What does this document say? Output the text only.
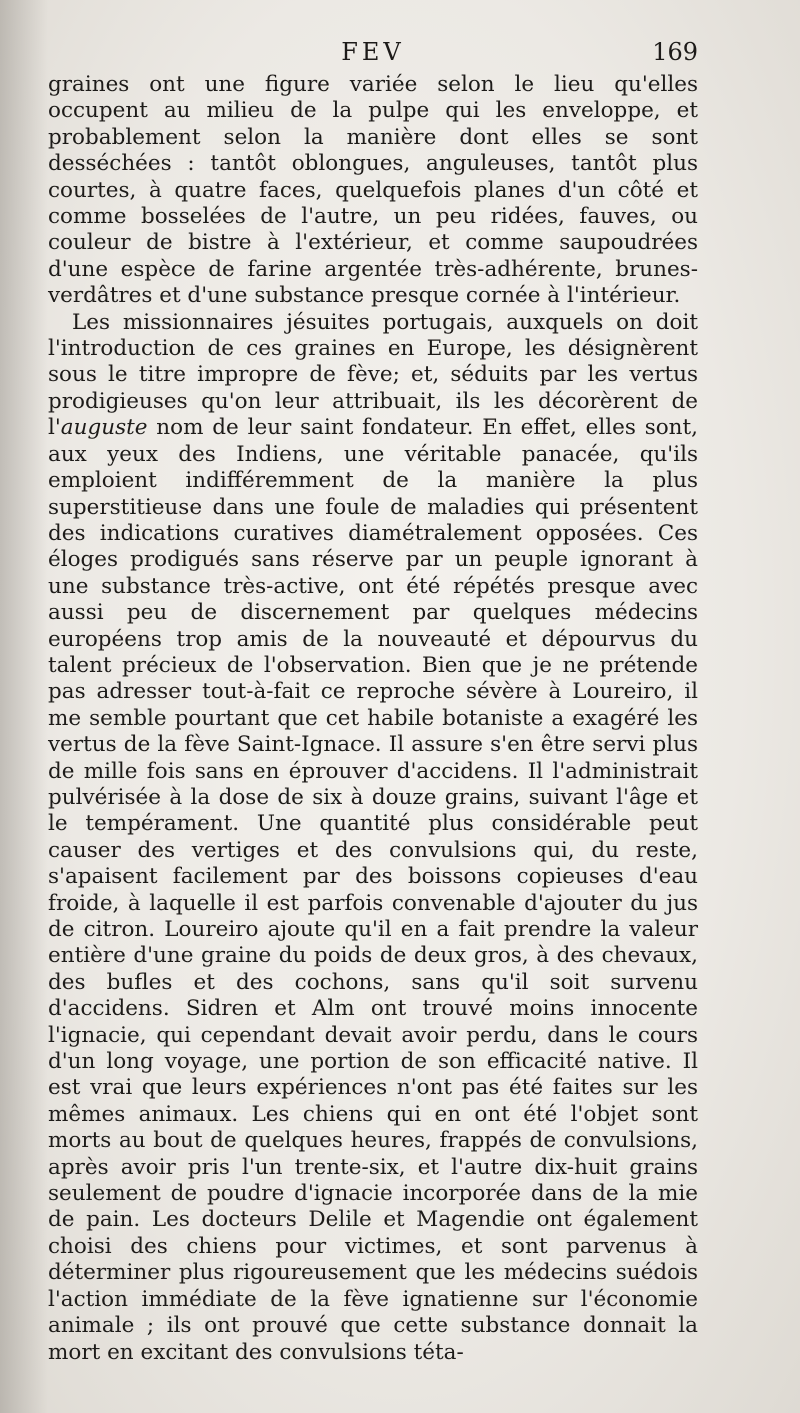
FEV	169

graines ont une figure variée selon le lieu qu'elles occupent au milieu de la pulpe qui les enveloppe, et probablement selon la manière dont elles se sont desséchées : tantôt oblongues, anguleuses, tantôt plus courtes, à quatre faces, quelquefois planes d'un côté et comme bosselées de l'autre, un peu ridées, fauves, ou couleur de bistre à l'extérieur, et comme saupoudrées d'une espèce de farine argentée très-adhérente, brunes-verdâtres et d'une substance presque cornée à l'intérieur.

Les missionnaires jésuites portugais, auxquels on doit l'introduction de ces graines en Europe, les désignèrent sous le titre impropre de fève; et, séduits par les vertus prodigieuses qu'on leur attribuait, ils les décorèrent de l'auguste nom de leur saint fondateur. En effet, elles sont, aux yeux des Indiens, une véritable panacée, qu'ils emploient indifféremment de la manière la plus superstitieuse dans une foule de maladies qui présentent des indications curatives diamétralement opposées. Ces éloges prodigués sans réserve par un peuple ignorant à une substance très-active, ont été répétés presque avec aussi peu de discernement par quelques médecins européens trop amis de la nouveauté et dépourvus du talent précieux de l'observation. Bien que je ne prétende pas adresser tout-à-fait ce reproche sévère à Loureiro, il me semble pourtant que cet habile botaniste a exagéré les vertus de la fève Saint-Ignace. Il assure s'en être servi plus de mille fois sans en éprouver d'accidens. Il l'administrait pulvérisée à la dose de six à douze grains, suivant l'âge et le tempérament. Une quantité plus considérable peut causer des vertiges et des convulsions qui, du reste, s'apaisent facilement par des boissons copieuses d'eau froide, à laquelle il est parfois convenable d'ajouter du jus de citron. Loureiro ajoute qu'il en a fait prendre la valeur entière d'une graine du poids de deux gros, à des chevaux, des bufles et des cochons, sans qu'il soit survenu d'accidens. Sidren et Alm ont trouvé moins innocente l'ignacie, qui cependant devait avoir perdu, dans le cours d'un long voyage, une portion de son efficacité native. Il est vrai que leurs expériences n'ont pas été faites sur les mêmes animaux. Les chiens qui en ont été l'objet sont morts au bout de quelques heures, frappés de convulsions, après avoir pris l'un trente-six, et l'autre dix-huit grains seulement de poudre d'ignacie incorporée dans de la mie de pain. Les docteurs Delile et Magendie ont également choisi des chiens pour victimes, et sont parvenus à déterminer plus rigoureusement que les médecins suédois l'action immédiate de la fève ignatienne sur l'économie animale ; ils ont prouvé que cette substance donnait la mort en excitant des convulsions téta-
